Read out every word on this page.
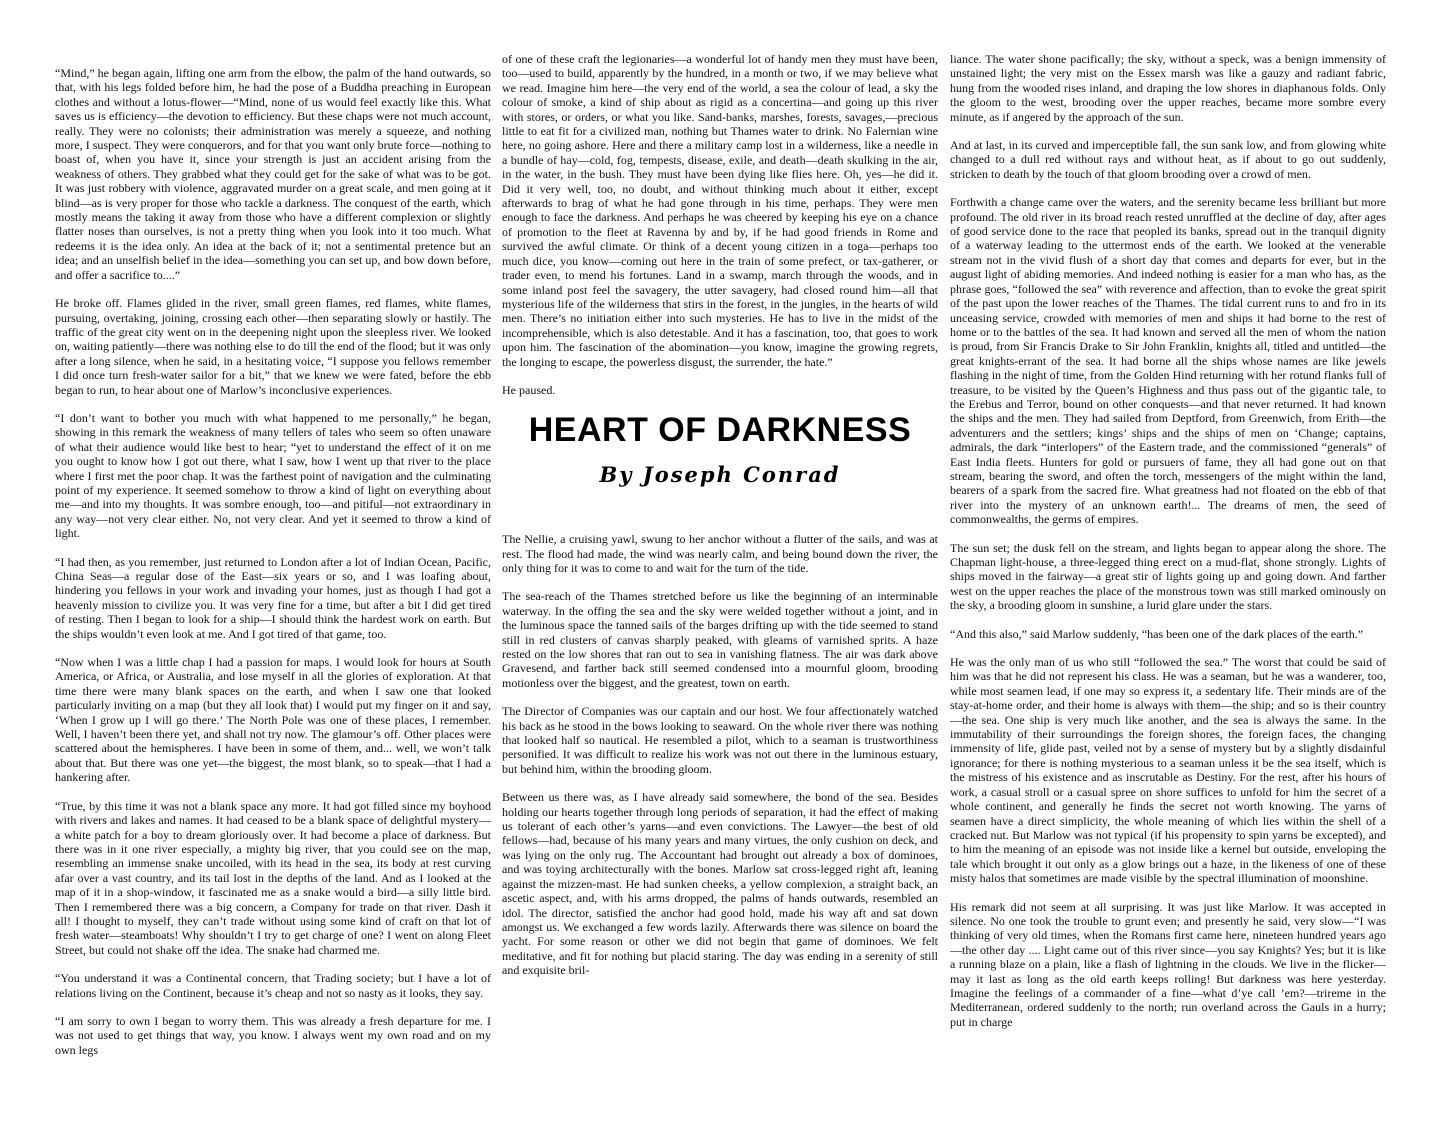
“Mind,” he began again, lifting one arm from the elbow, the palm of the hand outwards, so that, with his legs folded before him, he had the pose of a Buddha preaching in European clothes and without a lotus-flower—“Mind, none of us would feel exactly like this. What saves us is efficiency—the devotion to efficiency. But these chaps were not much account, really. They were no colonists; their administration was merely a squeeze, and nothing more, I suspect. They were conquerors, and for that you want only brute force—nothing to boast of, when you have it, since your strength is just an accident arising from the weakness of others. They grabbed what they could get for the sake of what was to be got. It was just robbery with violence, aggravated murder on a great scale, and men going at it blind—as is very proper for those who tackle a darkness. The conquest of the earth, which mostly means the taking it away from those who have a different complexion or slightly flatter noses than ourselves, is not a pretty thing when you look into it too much. What redeems it is the idea only. An idea at the back of it; not a sentimental pretence but an idea; and an unselfish belief in the idea—something you can set up, and bow down before, and offer a sacrifice to....”

He broke off. Flames glided in the river, small green flames, red flames, white flames, pursuing, overtaking, joining, crossing each other—then separating slowly or hastily. The traffic of the great city went on in the deepening night upon the sleepless river. We looked on, waiting patiently—there was nothing else to do till the end of the flood; but it was only after a long silence, when he said, in a hesitating voice, “I suppose you fellows remember I did once turn fresh-water sailor for a bit,” that we knew we were fated, before the ebb began to run, to hear about one of Marlow’s inconclusive experiences.

“I don’t want to bother you much with what happened to me personally,” he began, showing in this remark the weakness of many tellers of tales who seem so often unaware of what their audience would like best to hear; “yet to understand the effect of it on me you ought to know how I got out there, what I saw, how I went up that river to the place where I first met the poor chap. It was the farthest point of navigation and the culminating point of my experience. It seemed somehow to throw a kind of light on everything about me—and into my thoughts. It was sombre enough, too—and pitiful—not extraordinary in any way—not very clear either. No, not very clear. And yet it seemed to throw a kind of light.

“I had then, as you remember, just returned to London after a lot of Indian Ocean, Pacific, China Seas—a regular dose of the East—six years or so, and I was loafing about, hindering you fellows in your work and invading your homes, just as though I had got a heavenly mission to civilize you. It was very fine for a time, but after a bit I did get tired of resting. Then I began to look for a ship—I should think the hardest work on earth. But the ships wouldn’t even look at me. And I got tired of that game, too.

“Now when I was a little chap I had a passion for maps. I would look for hours at South America, or Africa, or Australia, and lose myself in all the glories of exploration. At that time there were many blank spaces on the earth, and when I saw one that looked particularly inviting on a map (but they all look that) I would put my finger on it and say, ‘When I grow up I will go there.’ The North Pole was one of these places, I remember. Well, I haven’t been there yet, and shall not try now. The glamour’s off. Other places were scattered about the hemispheres. I have been in some of them, and... well, we won’t talk about that. But there was one yet—the biggest, the most blank, so to speak—that I had a hankering after.

“True, by this time it was not a blank space any more. It had got filled since my boyhood with rivers and lakes and names. It had ceased to be a blank space of delightful mystery—a white patch for a boy to dream gloriously over. It had become a place of darkness. But there was in it one river especially, a mighty big river, that you could see on the map, resembling an immense snake uncoiled, with its head in the sea, its body at rest curving afar over a vast country, and its tail lost in the depths of the land. And as I looked at the map of it in a shop-window, it fascinated me as a snake would a bird—a silly little bird. Then I remembered there was a big concern, a Company for trade on that river. Dash it all! I thought to myself, they can’t trade without using some kind of craft on that lot of fresh water—steamboats! Why shouldn’t I try to get charge of one? I went on along Fleet Street, but could not shake off the idea. The snake had charmed me.

“You understand it was a Continental concern, that Trading society; but I have a lot of relations living on the Continent, because it’s cheap and not so nasty as it looks, they say.

“I am sorry to own I began to worry them. This was already a fresh departure for me. I was not used to get things that way, you know. I always went my own road and on my own legs

of one of these craft the legionaries—a wonderful lot of handy men they must have been, too—used to build, apparently by the hundred, in a month or two, if we may believe what we read. Imagine him here—the very end of the world, a sea the colour of lead, a sky the colour of smoke, a kind of ship about as rigid as a concertina—and going up this river with stores, or orders, or what you like. Sand-banks, marshes, forests, savages,—precious little to eat fit for a civilized man, nothing but Thames water to drink. No Falernian wine here, no going ashore. Here and there a military camp lost in a wilderness, like a needle in a bundle of hay—cold, fog, tempests, disease, exile, and death—death skulking in the air, in the water, in the bush. They must have been dying like flies here. Oh, yes—he did it. Did it very well, too, no doubt, and without thinking much about it either, except afterwards to brag of what he had gone through in his time, perhaps. They were men enough to face the darkness. And perhaps he was cheered by keeping his eye on a chance of promotion to the fleet at Ravenna by and by, if he had good friends in Rome and survived the awful climate. Or think of a decent young citizen in a toga—perhaps too much dice, you know—coming out here in the train of some prefect, or tax-gatherer, or trader even, to mend his fortunes. Land in a swamp, march through the woods, and in some inland post feel the savagery, the utter savagery, had closed round him—all that mysterious life of the wilderness that stirs in the forest, in the jungles, in the hearts of wild men. There’s no initiation either into such mysteries. He has to live in the midst of the incomprehensible, which is also detestable. And it has a fascination, too, that goes to work upon him. The fascination of the abomination—you know, imagine the growing regrets, the longing to escape, the powerless disgust, the surrender, the hate.”

He paused.

HEART OF DARKNESS

By Joseph Conrad

The Nellie, a cruising yawl, swung to her anchor without a flutter of the sails, and was at rest. The flood had made, the wind was nearly calm, and being bound down the river, the only thing for it was to come to and wait for the turn of the tide.

The sea-reach of the Thames stretched before us like the beginning of an interminable waterway. In the offing the sea and the sky were welded together without a joint, and in the luminous space the tanned sails of the barges drifting up with the tide seemed to stand still in red clusters of canvas sharply peaked, with gleams of varnished sprits. A haze rested on the low shores that ran out to sea in vanishing flatness. The air was dark above Gravesend, and farther back still seemed condensed into a mournful gloom, brooding motionless over the biggest, and the greatest, town on earth.

The Director of Companies was our captain and our host. We four affectionately watched his back as he stood in the bows looking to seaward. On the whole river there was nothing that looked half so nautical. He resembled a pilot, which to a seaman is trustworthiness personified. It was difficult to realize his work was not out there in the luminous estuary, but behind him, within the brooding gloom.

Between us there was, as I have already said somewhere, the bond of the sea. Besides holding our hearts together through long periods of separation, it had the effect of making us tolerant of each other’s yarns—and even convictions. The Lawyer—the best of old fellows—had, because of his many years and many virtues, the only cushion on deck, and was lying on the only rug. The Accountant had brought out already a box of dominoes, and was toying architecturally with the bones. Marlow sat cross-legged right aft, leaning against the mizzen-mast. He had sunken cheeks, a yellow complexion, a straight back, an ascetic aspect, and, with his arms dropped, the palms of hands outwards, resembled an idol. The director, satisfied the anchor had good hold, made his way aft and sat down amongst us. We exchanged a few words lazily. Afterwards there was silence on board the yacht. For some reason or other we did not begin that game of dominoes. We felt meditative, and fit for nothing but placid staring. The day was ending in a serenity of still and exquisite bril-

liance. The water shone pacifically; the sky, without a speck, was a benign immensity of unstained light; the very mist on the Essex marsh was like a gauzy and radiant fabric, hung from the wooded rises inland, and draping the low shores in diaphanous folds. Only the gloom to the west, brooding over the upper reaches, became more sombre every minute, as if angered by the approach of the sun.

And at last, in its curved and imperceptible fall, the sun sank low, and from glowing white changed to a dull red without rays and without heat, as if about to go out suddenly, stricken to death by the touch of that gloom brooding over a crowd of men.

Forthwith a change came over the waters, and the serenity became less brilliant but more profound. The old river in its broad reach rested unruffled at the decline of day, after ages of good service done to the race that peopled its banks, spread out in the tranquil dignity of a waterway leading to the uttermost ends of the earth. We looked at the venerable stream not in the vivid flush of a short day that comes and departs for ever, but in the august light of abiding memories. And indeed nothing is easier for a man who has, as the phrase goes, “followed the sea” with reverence and affection, than to evoke the great spirit of the past upon the lower reaches of the Thames. The tidal current runs to and fro in its unceasing service, crowded with memories of men and ships it had borne to the rest of home or to the battles of the sea. It had known and served all the men of whom the nation is proud, from Sir Francis Drake to Sir John Franklin, knights all, titled and untitled—the great knights-errant of the sea. It had borne all the ships whose names are like jewels flashing in the night of time, from the Golden Hind returning with her rotund flanks full of treasure, to be visited by the Queen’s Highness and thus pass out of the gigantic tale, to the Erebus and Terror, bound on other conquests—and that never returned. It had known the ships and the men. They had sailed from Deptford, from Greenwich, from Erith—the adventurers and the settlers; kings’ ships and the ships of men on ‘Change; captains, admirals, the dark “interlopers” of the Eastern trade, and the commissioned “generals” of East India fleets. Hunters for gold or pursuers of fame, they all had gone out on that stream, bearing the sword, and often the torch, messengers of the might within the land, bearers of a spark from the sacred fire. What greatness had not floated on the ebb of that river into the mystery of an unknown earth!... The dreams of men, the seed of commonwealths, the germs of empires.

The sun set; the dusk fell on the stream, and lights began to appear along the shore. The Chapman light-house, a three-legged thing erect on a mud-flat, shone strongly. Lights of ships moved in the fairway—a great stir of lights going up and going down. And farther west on the upper reaches the place of the monstrous town was still marked ominously on the sky, a brooding gloom in sunshine, a lurid glare under the stars.

“And this also,” said Marlow suddenly, “has been one of the dark places of the earth.”

He was the only man of us who still “followed the sea.” The worst that could be said of him was that he did not represent his class. He was a seaman, but he was a wanderer, too, while most seamen lead, if one may so express it, a sedentary life. Their minds are of the stay-at-home order, and their home is always with them—the ship; and so is their country—the sea. One ship is very much like another, and the sea is always the same. In the immutability of their surroundings the foreign shores, the foreign faces, the changing immensity of life, glide past, veiled not by a sense of mystery but by a slightly disdainful ignorance; for there is nothing mysterious to a seaman unless it be the sea itself, which is the mistress of his existence and as inscrutable as Destiny. For the rest, after his hours of work, a casual stroll or a casual spree on shore suffices to unfold for him the secret of a whole continent, and generally he finds the secret not worth knowing. The yarns of seamen have a direct simplicity, the whole meaning of which lies within the shell of a cracked nut. But Marlow was not typical (if his propensity to spin yarns be excepted), and to him the meaning of an episode was not inside like a kernel but outside, enveloping the tale which brought it out only as a glow brings out a haze, in the likeness of one of these misty halos that sometimes are made visible by the spectral illumination of moonshine.

His remark did not seem at all surprising. It was just like Marlow. It was accepted in silence. No one took the trouble to grunt even; and presently he said, very slow—“I was thinking of very old times, when the Romans first came here, nineteen hundred years ago—the other day .... Light came out of this river since—you say Knights? Yes; but it is like a running blaze on a plain, like a flash of lightning in the clouds. We live in the flicker—may it last as long as the old earth keeps rolling! But darkness was here yesterday. Imagine the feelings of a commander of a fine—what d’ye call ’em?—trireme in the Mediterranean, ordered suddenly to the north; run overland across the Gauls in a hurry; put in charge
